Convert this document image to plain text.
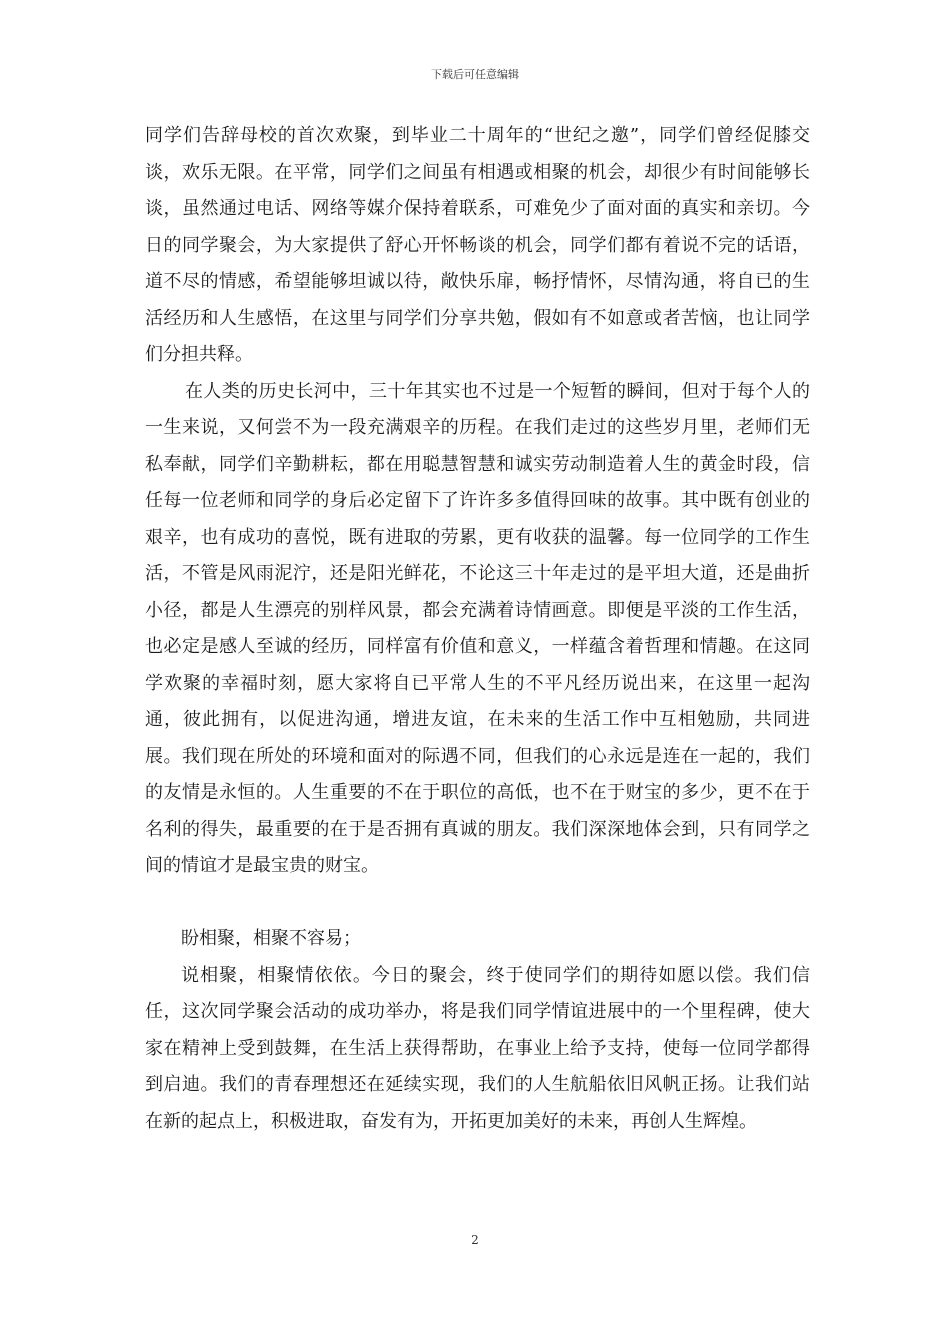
下载后可任意编辑

同学们告辞母校的首次欢聚，到毕业二十周年的“世纪之邀”，同学们曾经促膝交谈，欢乐无限。在平常，同学们之间虽有相遇或相聚的机会，却很少有时间能够长谈，虽然通过电话、网络等媒介保持着联系，可难免少了面对面的真实和亲切。今日的同学聚会，为大家提供了舒心开怀畅谈的机会，同学们都有着说不完的话语，道不尽的情感，希望能够坦诚以待，敞快乐扉，畅抒情怀，尽情沟通，将自已的生活经历和人生感悟，在这里与同学们分享共勉，假如有不如意或者苦恼，也让同学们分担共释。

在人类的历史长河中，三十年其实也不过是一个短暂的瞬间，但对于每个人的一生来说，又何尝不为一段充满艰辛的历程。在我们走过的这些岁月里，老师们无私奉献，同学们辛勤耕耘，都在用聪慧智慧和诚实劳动制造着人生的黄金时段，信任每一位老师和同学的身后必定留下了许许多多值得回味的故事。其中既有创业的艰辛，也有成功的喜悦，既有进取的劳累，更有收获的温馨。每一位同学的工作生活，不管是风雨泥泞，还是阳光鲜花，不论这三十年走过的是平坦大道，还是曲折小径，都是人生漂亮的别样风景，都会充满着诗情画意。即便是平淡的工作生活，也必定是感人至诚的经历，同样富有价值和意义，一样蕴含着哲理和情趣。在这同学欢聚的幸福时刻，愿大家将自已平常人生的不平凡经历说出来，在这里一起沟通，彼此拥有，以促进沟通，增进友谊，在未来的生活工作中互相勉励，共同进展。我们现在所处的环境和面对的际遇不同，但我们的心永远是连在一起的，我们的友情是永恒的。人生重要的不在于职位的高低，也不在于财宝的多少，更不在于名利的得失，最重要的在于是否拥有真诚的朋友。我们深深地体会到，只有同学之间的情谊才是最宝贵的财宝。

盼相聚，相聚不容易；

说相聚，相聚情依依。今日的聚会，终于使同学们的期待如愿以偿。我们信任，这次同学聚会活动的成功举办，将是我们同学情谊进展中的一个里程碑，使大家在精神上受到鼓舞，在生活上获得帮助，在事业上给予支持，使每一位同学都得到启迪。我们的青春理想还在延续实现，我们的人生航船依旧风帆正扬。让我们站在新的起点上，积极进取，奋发有为，开拓更加美好的未来，再创人生辉煌。

2
